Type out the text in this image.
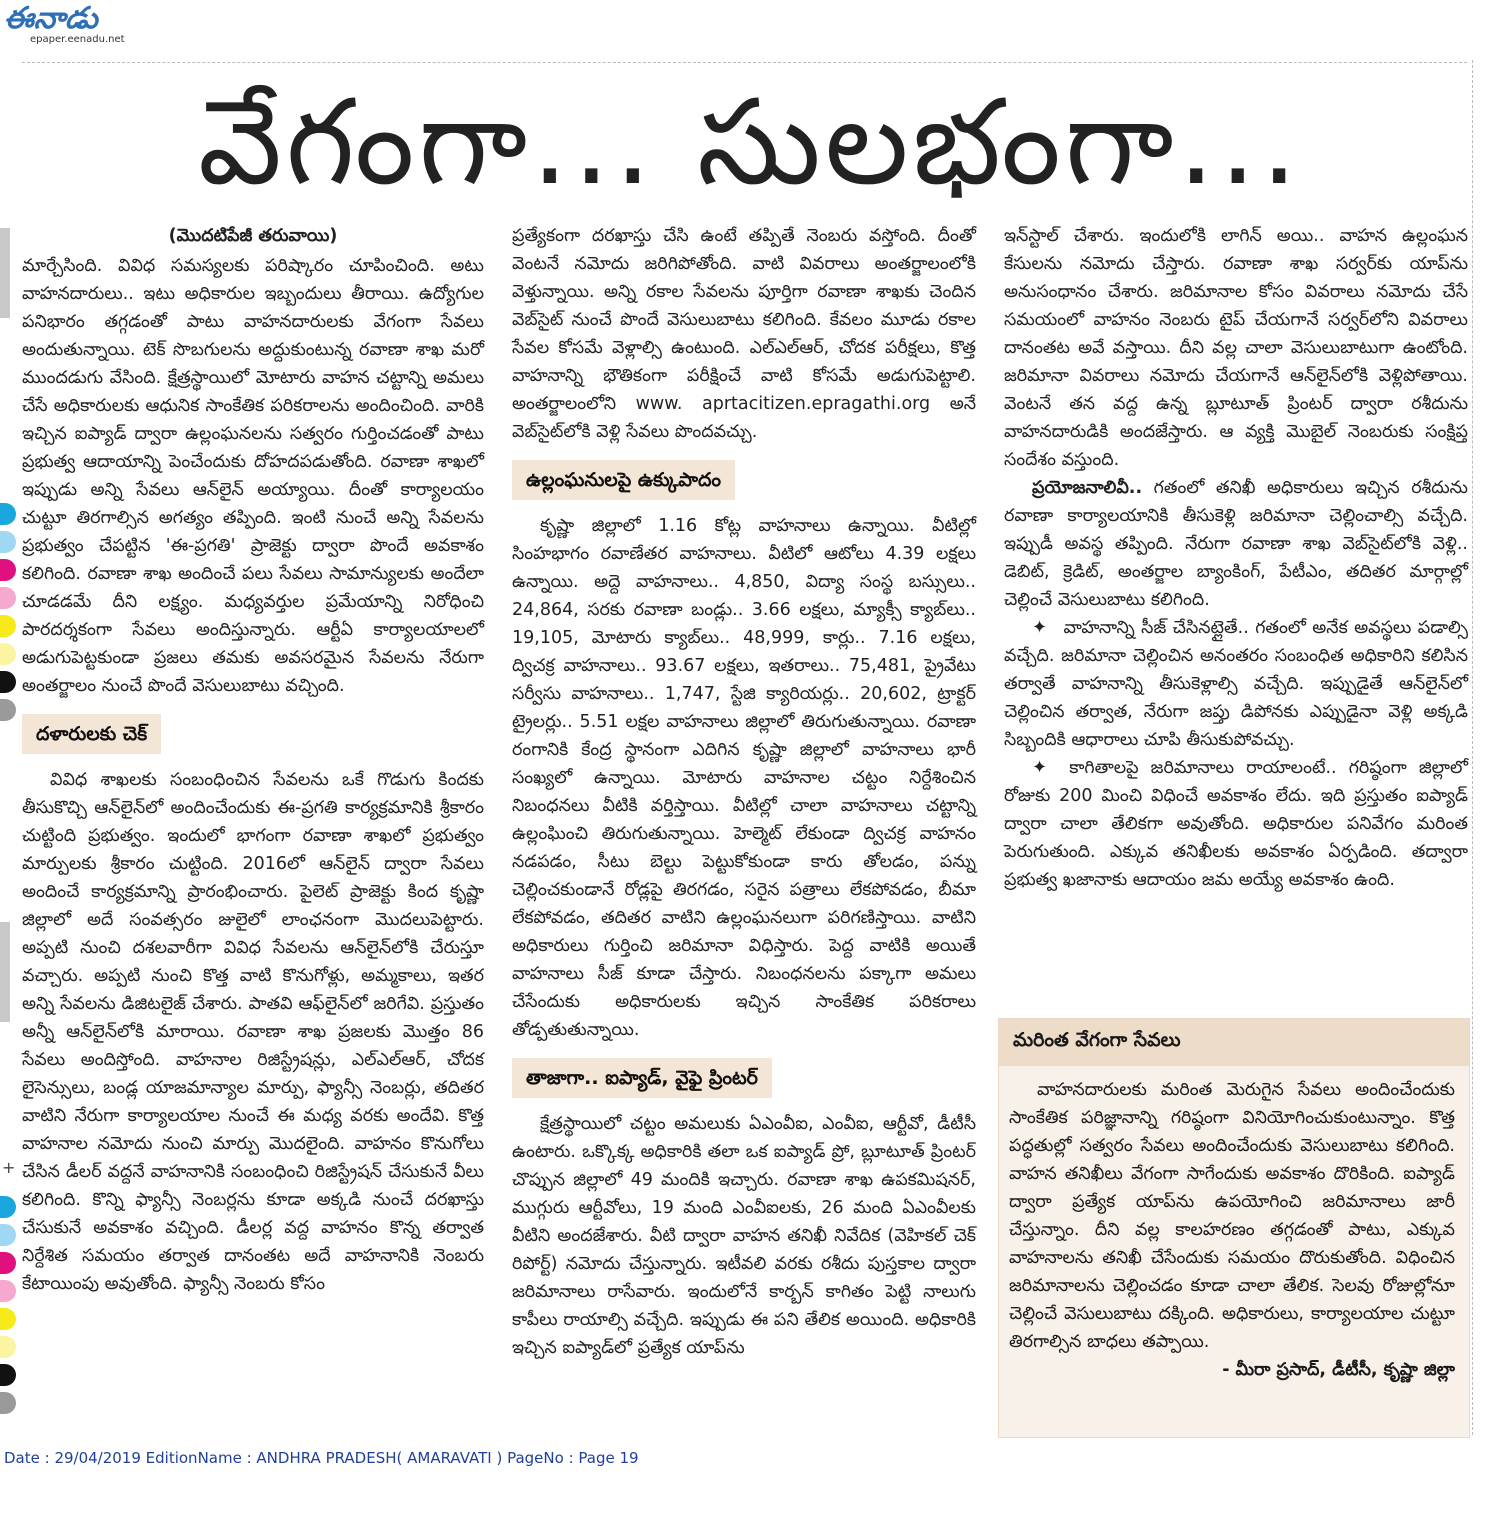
ఈనాడు
epaper.eenadu.net
వేగంగా... సులభంగా...
+
(మొదటిపేజీ తరువాయి)

మార్చేసింది. వివిధ సమస్యలకు పరిష్కారం చూపించింది. అటు వాహనదారులు.. ఇటు అధికారుల ఇబ్బందులు తీరాయి. ఉద్యోగుల పనిభారం తగ్గడంతో పాటు వాహనదారులకు వేగంగా సేవలు అందుతున్నాయి. టెక్ సొబగులను అద్దుకుంటున్న రవాణా శాఖ మరో ముందడుగు వేసింది. క్షేత్రస్థాయిలో మోటారు వాహన చట్టాన్ని అమలు చేసే అధికారులకు ఆధునిక సాంకేతిక పరికరాలను అందించింది. వారికి ఇచ్చిన ఐప్యాడ్ ద్వారా ఉల్లంఘనలను సత్వరం గుర్తించడంతో పాటు ప్రభుత్వ ఆదాయాన్ని పెంచేందుకు దోహదపడుతోంది. రవాణా శాఖలో ఇప్పుడు అన్ని సేవలు ఆన్‌లైన్ అయ్యాయి. దీంతో కార్యాలయం చుట్టూ తిరగాల్సిన అగత్యం తప్పింది. ఇంటి నుంచే అన్ని సేవలను ప్రభుత్వం చేపట్టిన 'ఈ-ప్రగతి' ప్రాజెక్టు ద్వారా పొందే అవకాశం కలిగింది. రవాణా శాఖ అందించే పలు సేవలు సామాన్యులకు అందేలా చూడడమే దీని లక్ష్యం. మధ్యవర్తుల ప్రమేయాన్ని నిరోధించి పారదర్శకంగా సేవలు అందిస్తున్నారు. ఆర్టీఏ కార్యాలయాలలో అడుగుపెట్టకుండా ప్రజలు తమకు అవసరమైన సేవలను నేరుగా అంతర్జాలం నుంచే పొందే వెసులుబాటు వచ్చింది.

దళారులకు చెక్

వివిధ శాఖలకు సంబంధించిన సేవలను ఒకే గొడుగు కిందకు తీసుకొచ్చి ఆన్‌లైన్‌లో అందించేందుకు ఈ-ప్రగతి కార్యక్రమానికి శ్రీకారం చుట్టింది ప్రభుత్వం. ఇందులో భాగంగా రవాణా శాఖలో ప్రభుత్వం మార్పులకు శ్రీకారం చుట్టింది. 2016లో ఆన్‌లైన్ ద్వారా సేవలు అందించే కార్యక్రమాన్ని ప్రారంభించారు. పైలెట్ ప్రాజెక్టు కింద కృష్ణా జిల్లాలో అదే సంవత్సరం జులైలో లాంఛనంగా మొదలుపెట్టారు. అప్పటి నుంచి దశలవారీగా వివిధ సేవలను ఆన్‌లైన్‌లోకి చేరుస్తూ వచ్చారు. అప్పటి నుంచి కొత్త వాటి కొనుగోళ్లు, అమ్మకాలు, ఇతర అన్ని సేవలను డిజిటలైజ్ చేశారు. పాతవి ఆఫ్‌లైన్‌లో జరిగేవి. ప్రస్తుతం అన్నీ ఆన్‌లైన్‌లోకి మారాయి. రవాణా శాఖ ప్రజలకు మొత్తం 86 సేవలు అందిస్తోంది. వాహనాల రిజిస్ట్రేషన్లు, ఎల్ఎల్ఆర్, చోదక లైసెన్సులు, బండ్ల యాజమాన్యాల మార్పు, ఫ్యాన్సీ నెంబర్లు, తదితర వాటిని నేరుగా కార్యాలయాల నుంచే ఈ మధ్య వరకు అందేవి. కొత్త వాహనాల నమోదు నుంచి మార్పు మొదలైంది. వాహనం కొనుగోలు చేసిన డీలర్ వద్దనే వాహనానికి సంబంధించి రిజిస్ట్రేషన్ చేసుకునే వీలు కలిగింది. కొన్ని ఫ్యాన్సీ నెంబర్లను కూడా అక్కడి నుంచే దరఖాస్తు చేసుకునే అవకాశం వచ్చింది. డీలర్ల వద్ద వాహనం కొన్న తర్వాత నిర్దేశిత సమయం తర్వాత దానంతట అదే వాహనానికి నెంబరు కేటాయింపు అవుతోంది. ఫ్యాన్సీ నెంబరు కోసం

ప్రత్యేకంగా దరఖాస్తు చేసి ఉంటే తప్పితే నెంబరు వస్తోంది. దీంతో వెంటనే నమోదు జరిగిపోతోంది. వాటి వివరాలు అంతర్జాలంలోకి వెళ్తున్నాయి. అన్ని రకాల సేవలను పూర్తిగా రవాణా శాఖకు చెందిన వెబ్‌సైట్ నుంచే పొందే వెసులుబాటు కలిగింది. కేవలం మూడు రకాల సేవల కోసమే వెళ్లాల్సి ఉంటుంది. ఎల్ఎల్ఆర్, చోదక పరీక్షలు, కొత్త వాహనాన్ని భౌతికంగా పరీక్షించే వాటి కోసమే అడుగుపెట్టాలి. అంతర్జాలంలోని www. aprtacitizen.epragathi.org అనే వెబ్‌సైట్‌లోకి వెళ్లి సేవలు పొందవచ్చు.

ఉల్లంఘనులపై ఉక్కుపాదం

కృష్ణా జిల్లాలో 1.16 కోట్ల వాహనాలు ఉన్నాయి. వీటిల్లో సింహభాగం రవాణేతర వాహనాలు. వీటిలో ఆటోలు 4.39 లక్షలు ఉన్నాయి. అద్దె వాహనాలు.. 4,850, విద్యా సంస్థ బస్సులు.. 24,864, సరకు రవాణా బండ్లు.. 3.66 లక్షలు, మ్యాక్సీ క్యాబ్‌లు.. 19,105, మోటారు క్యాబ్‌లు.. 48,999, కార్లు.. 7.16 లక్షలు, ద్విచక్ర వాహనాలు.. 93.67 లక్షలు, ఇతరాలు.. 75,481, ప్రైవేటు సర్వీసు వాహనాలు.. 1,747, స్టేజి క్యారియర్లు.. 20,602, ట్రాక్టర్ ట్రైలర్లు.. 5.51 లక్షల వాహనాలు జిల్లాలో తిరుగుతున్నాయి. రవాణా రంగానికి కేంద్ర స్థానంగా ఎదిగిన కృష్ణా జిల్లాలో వాహనాలు భారీ సంఖ్యలో ఉన్నాయి. మోటారు వాహనాల చట్టం నిర్దేశించిన నిబంధనలు వీటికి వర్తిస్తాయి. వీటిల్లో చాలా వాహనాలు చట్టాన్ని ఉల్లంఘించి తిరుగుతున్నాయి. హెల్మెట్ లేకుండా ద్విచక్ర వాహనం నడపడం, సీటు బెల్టు పెట్టుకోకుండా కారు తోలడం, పన్ను చెల్లించకుండానే రోడ్లపై తిరగడం, సరైన పత్రాలు లేకపోవడం, బీమా లేకపోవడం, తదితర వాటిని ఉల్లంఘనలుగా పరిగణిస్తాయి. వాటిని అధికారులు గుర్తించి జరిమానా విధిస్తారు. పెద్ద వాటికి అయితే వాహనాలు సీజ్ కూడా చేస్తారు. నిబంధనలను పక్కాగా అమలు చేసేందుకు అధికారులకు ఇచ్చిన సాంకేతిక పరికరాలు తోడ్పతుతున్నాయి.

తాజాగా.. ఐప్యాడ్, వైఫై ప్రింటర్

క్షేత్రస్థాయిలో చట్టం అమలుకు ఏఎంవీఐ, ఎంవీఐ, ఆర్టీవో, డీటీసీ ఉంటారు. ఒక్కొక్క అధికారికి తలా ఒక ఐప్యాడ్ ప్రో, బ్లూటూత్ ప్రింటర్ చొప్పున జిల్లాలో 49 మందికి ఇచ్చారు. రవాణా శాఖ ఉపకమిషనర్, ముగ్గురు ఆర్టీవోలు, 19 మంది ఎంవీఐలకు, 26 మంది ఏఎంవీలకు వీటిని అందజేశారు. వీటి ద్వారా వాహన తనిఖీ నివేదిక (వెహికల్ చెక్ రిపోర్ట్) నమోదు చేస్తున్నారు. ఇటీవలి వరకు రశీదు పుస్తకాల ద్వారా జరిమానాలు రాసేవారు. ఇందులోనే కార్బన్ కాగితం పెట్టి నాలుగు కాపీలు రాయాల్సి వచ్చేది. ఇప్పుడు ఈ పని తేలిక అయింది. అధికారికి ఇచ్చిన ఐప్యాడ్‌లో ప్రత్యేక యాప్‌ను

ఇన్‌స్టాల్ చేశారు. ఇందులోకి లాగిన్ అయి.. వాహన ఉల్లంఘన కేసులను నమోదు చేస్తారు. రవాణా శాఖ సర్వర్‌కు యాప్‌ను అనుసంధానం చేశారు. జరిమానాల కోసం వివరాలు నమోదు చేసే సమయంలో వాహనం నెంబరు టైప్ చేయగానే సర్వర్‌లోని వివరాలు దానంతట అవే వస్తాయి. దీని వల్ల చాలా వెసులుబాటుగా ఉంటోంది. జరిమానా వివరాలు నమోదు చేయగానే ఆన్‌లైన్‌లోకి వెళ్లిపోతాయి. వెంటనే తన వద్ద ఉన్న బ్లూటూత్ ప్రింటర్ ద్వారా రశీదును వాహనదారుడికి అందజేస్తారు. ఆ వ్యక్తి మొబైల్ నెంబరుకు సంక్షిప్త సందేశం వస్తుంది.

ప్రయోజనాలివీ.. గతంలో తనిఖీ అధికారులు ఇచ్చిన రశీదును రవాణా కార్యాలయానికి తీసుకెళ్లి జరిమానా చెల్లించాల్సి వచ్చేది. ఇప్పుడీ అవస్థ తప్పింది. నేరుగా రవాణా శాఖ వెబ్‌సైట్‌లోకి వెళ్లి.. డెబిట్, క్రెడిట్, అంతర్జాల బ్యాంకింగ్, పేటీఎం, తదితర మార్గాల్లో చెల్లించే వెసులుబాటు కలిగింది.

✦ వాహనాన్ని సీజ్ చేసినట్లైతే.. గతంలో అనేక అవస్థలు పడాల్సి వచ్చేది. జరిమానా చెల్లించిన అనంతరం సంబంధిత అధికారిని కలిసిన తర్వాతే వాహనాన్ని తీసుకెళ్లాల్సి వచ్చేది. ఇప్పుడైతే ఆన్‌లైన్‌లో చెల్లించిన తర్వాత, నేరుగా జప్తు డిపోనకు ఎప్పుడైనా వెళ్లి అక్కడి సిబ్బందికి ఆధారాలు చూపి తీసుకుపోవచ్చు.

✦ కాగితాలపై జరిమానాలు రాయాలంటే.. గరిష్ఠంగా జిల్లాలో రోజుకు 200 మించి విధించే అవకాశం లేదు. ఇది ప్రస్తుతం ఐప్యాడ్ ద్వారా చాలా తేలికగా అవుతోంది. అధికారుల పనివేగం మరింత పెరుగుతుంది. ఎక్కువ తనిఖీలకు అవకాశం ఏర్పడింది. తద్వారా ప్రభుత్వ ఖజానాకు ఆదాయం జమ అయ్యే అవకాశం ఉంది.

మరింత వేగంగా సేవలు

వాహనదారులకు మరింత మెరుగైన సేవలు అందించేందుకు సాంకేతిక పరిజ్ఞానాన్ని గరిష్ఠంగా వినియోగించుకుంటున్నాం. కొత్త పద్ధతుల్లో సత్వరం సేవలు అందించేందుకు వెసులుబాటు కలిగింది. వాహన తనిఖీలు వేగంగా సాగేందుకు అవకాశం దొరికింది. ఐప్యాడ్ ద్వారా ప్రత్యేక యాప్‌ను ఉపయోగించి జరిమానాలు జారీ చేస్తున్నాం. దీని వల్ల కాలహరణం తగ్గడంతో పాటు, ఎక్కువ వాహనాలను తనిఖీ చేసేందుకు సమయం దొరుకుతోంది. విధించిన జరిమానాలను చెల్లించడం కూడా చాలా తేలిక. సెలవు రోజుల్లోనూ చెల్లించే వెసులుబాటు దక్కింది. అధికారులు, కార్యాలయాల చుట్టూ తిరగాల్సిన బాధలు తప్పాయి.

- మీరా ప్రసాద్, డీటీసీ, కృష్ణా జిల్లా
Date : 29/04/2019 EditionName : ANDHRA PRADESH( AMARAVATI ) PageNo : Page 19
